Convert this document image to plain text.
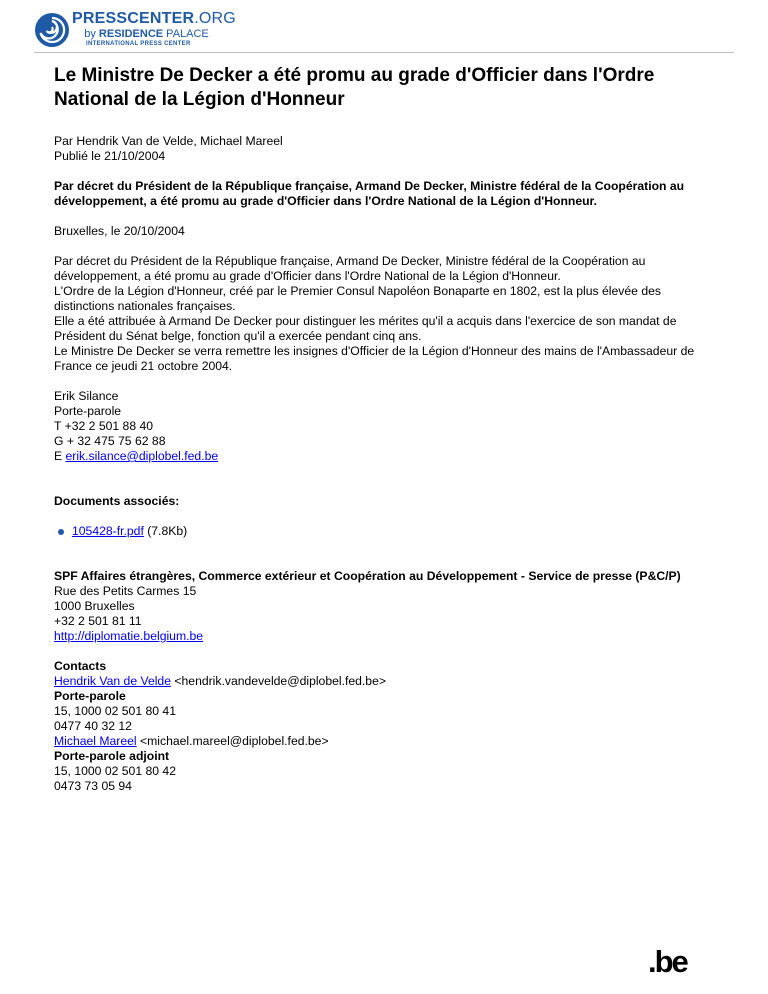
PRESSCENTER.ORG
by RESIDENCE PALACE
INTERNATIONAL PRESS CENTER
Le Ministre De Decker a été promu au grade d'Officier dans l'Ordre National de la Légion d'Honneur

Par Hendrik Van de Velde, Michael Mareel
Publié le 21/10/2004

Par décret du Président de la République française, Armand De Decker, Ministre fédéral de la Coopération au développement, a été promu au grade d'Officier dans l'Ordre National de la Légion d'Honneur.

Bruxelles, le 20/10/2004

Par décret du Président de la République française, Armand De Decker, Ministre fédéral de la Coopération au développement, a été promu au grade d'Officier dans l'Ordre National de la Légion d'Honneur.
L'Ordre de la Légion d'Honneur, créé par le Premier Consul Napoléon Bonaparte en 1802, est la plus élevée des distinctions nationales françaises.
Elle a été attribuée à Armand De Decker pour distinguer les mérites qu'il a acquis dans l'exercice de son mandat de Président du Sénat belge, fonction qu'il a exercée pendant cinq ans.
Le Ministre De Decker se verra remettre les insignes d'Officier de la Légion d'Honneur des mains de l'Ambassadeur de France ce jeudi 21 octobre 2004.

Erik Silance
Porte-parole
T +32 2 501 88 40
G + 32 475 75 62 88
E erik.silance@diplobel.fed.be

Documents associés:

105428-fr.pdf (7.8Kb)

SPF Affaires étrangères, Commerce extérieur et Coopération au Développement - Service de presse (P&C/P)
Rue des Petits Carmes 15
1000 Bruxelles
+32 2 501 81 11
http://diplomatie.belgium.be

Contacts
Hendrik Van de Velde <hendrik.vandevelde@diplobel.fed.be>
Porte-parole
15, 1000 02 501 80 41
0477 40 32 12
Michael Mareel <michael.mareel@diplobel.fed.be>
Porte-parole adjoint
15, 1000 02 501 80 42
0473 73 05 94

.be
